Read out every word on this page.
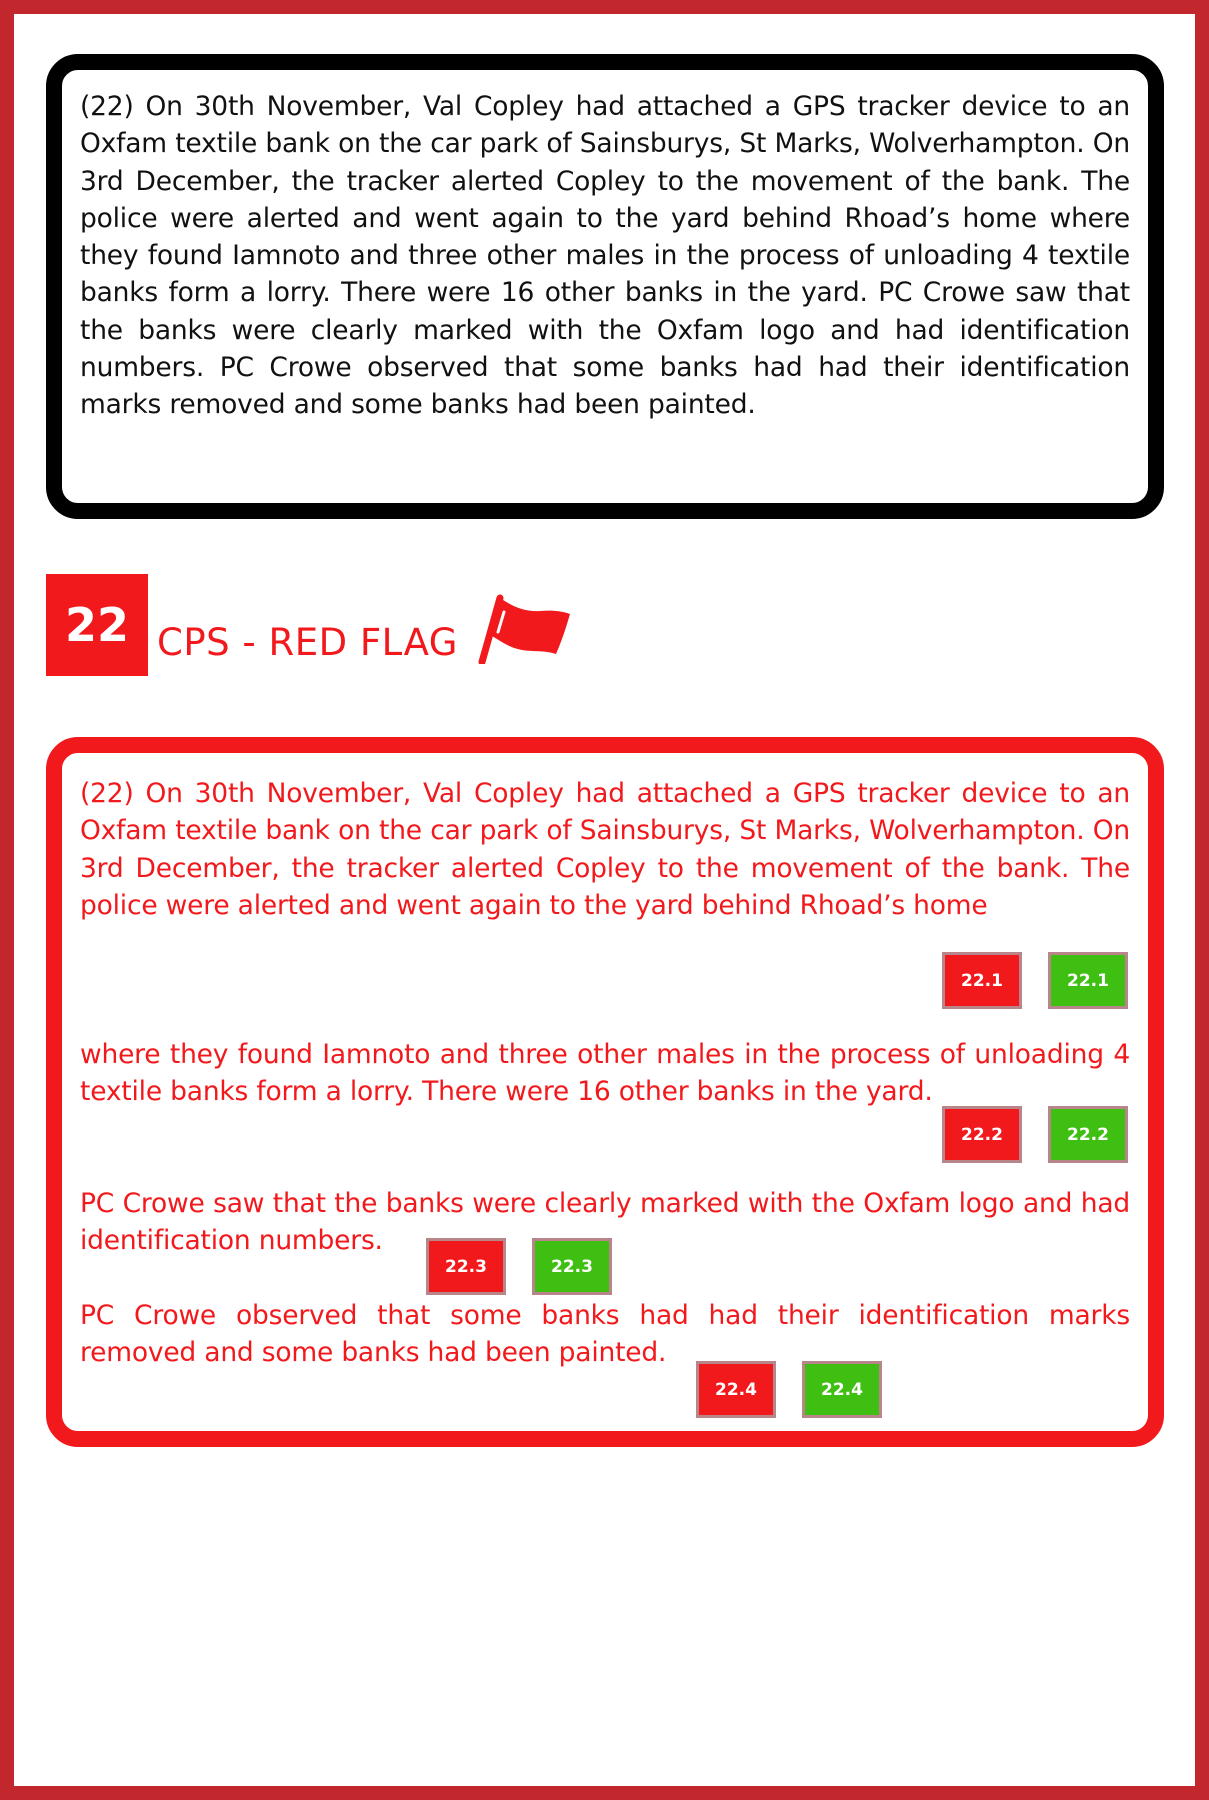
(22) On 30th November, Val Copley had attached a GPS tracker device to an Oxfam textile bank on the car park of Sainsburys, St Marks, Wolverhampton. On 3rd December, the tracker alerted Copley to the movement of the bank. The police were alerted and went again to the yard behind Rhoad’s home where they found Iamnoto and three other males in the process of unloading 4 textile banks form a lorry. There were 16 other banks in the yard. PC Crowe saw that the banks were clearly marked with the Oxfam logo and had identification numbers. PC Crowe observed that some banks had had their identification marks removed and some banks had been painted.

22 CPS - RED FLAG

(22) On 30th November, Val Copley had attached a GPS tracker device to an Oxfam textile bank on the car park of Sainsburys, St Marks, Wolverhampton. On 3rd December, the tracker alerted Copley to the movement of the bank. The police were alerted and went again to the yard behind Rhoad’s home

22.1	22.1

where they found Iamnoto and three other males in the process of unloading 4 textile banks form a lorry. There were 16 other banks in the yard.

22.2	22.2

PC Crowe saw that the banks were clearly marked with the Oxfam logo and had identification numbers.

22.3	22.3

PC Crowe observed that some banks had had their identification marks removed and some banks had been painted.

22.4	22.4
